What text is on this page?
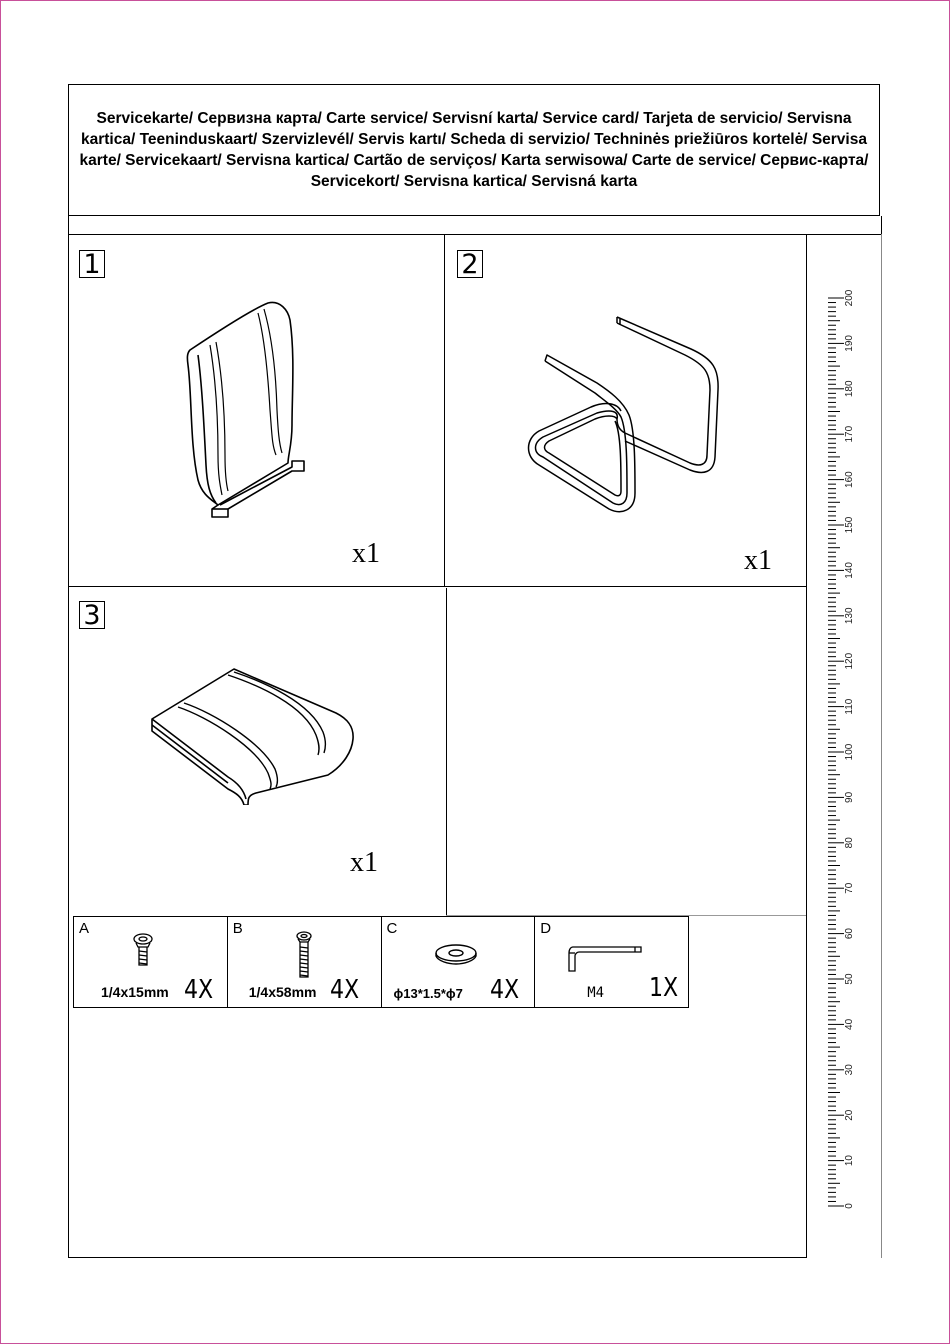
Servicekarte/ Сервизна карта/ Carte service/ Servisní karta/ Service card/ Tarjeta de servicio/ Servisna kartica/ Teeninduskaart/ Szervizlevél/ Servis kartı/ Scheda di servizio/ Techninės priežiūros kortelė/ Servisa karte/ Servicekaart/ Servisna kartica/ Cartão de serviços/ Karta serwisowa/ Carte de service/ Сервис-карта/ Servicekort/ Servisna kartica/ Servisná karta
1
x1
2
x1
3
x1
A
1/4x15mm 4X
B
1/4x58mm 4X
C
ϕ13*1.5*ϕ7 4X
D
M4 1X
0
10
20
30
40
50
60
70
80
90
100
110
120
130
140
150
160
170
180
190
200
